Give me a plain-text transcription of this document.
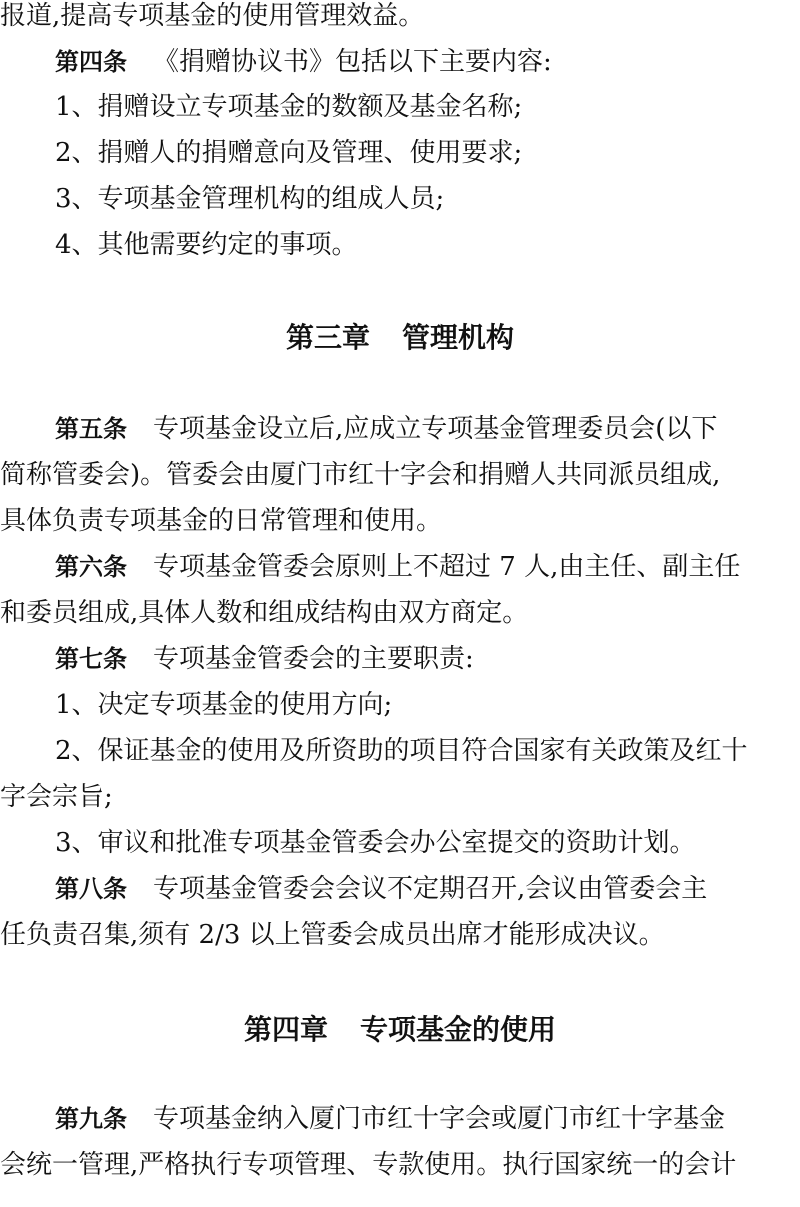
报道,提高专项基金的使用管理效益。
第四条 《捐赠协议书》包括以下主要内容:
1、捐赠设立专项基金的数额及基金名称;
2、捐赠人的捐赠意向及管理、使用要求;
3、专项基金管理机构的组成人员;
4、其他需要约定的事项。
第三章 管理机构
第五条 专项基金设立后,应成立专项基金管理委员会(以下
简称管委会)。管委会由厦门市红十字会和捐赠人共同派员组成,
具体负责专项基金的日常管理和使用。
第六条 专项基金管委会原则上不超过 7 人,由主任、副主任
和委员组成,具体人数和组成结构由双方商定。
第七条 专项基金管委会的主要职责:
1、决定专项基金的使用方向;
2、保证基金的使用及所资助的项目符合国家有关政策及红十
字会宗旨;
3、审议和批准专项基金管委会办公室提交的资助计划。
第八条 专项基金管委会会议不定期召开,会议由管委会主
任负责召集,须有 2/3 以上管委会成员出席才能形成决议。
第四章 专项基金的使用
第九条 专项基金纳入厦门市红十字会或厦门市红十字基金
会统一管理,严格执行专项管理、专款使用。执行国家统一的会计
